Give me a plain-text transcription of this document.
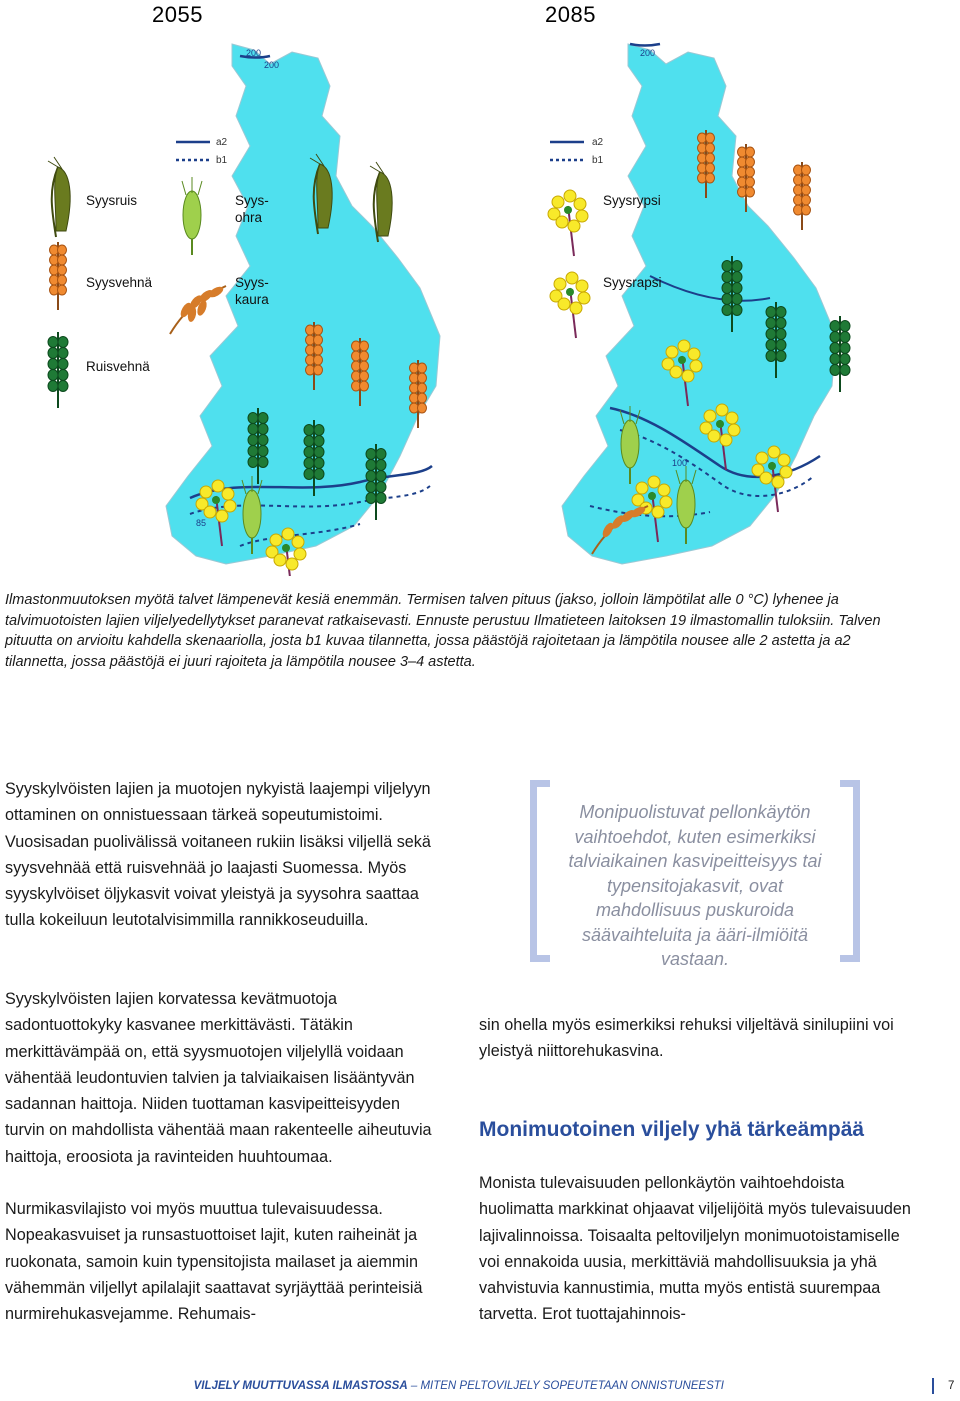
2055	2085
200
200
85
a2
b1
Syysruis	Syys-
ohra
Syysvehnä	Syys-
kaura
Ruisvehnä
200
100
a2
b1
Syysrypsi
Syysrapsi
Ilmastonmuutoksen myötä talvet lämpenevät kesiä enemmän. Termisen talven pituus (jakso, jolloin lämpötilat alle 0 °C) lyhenee ja talvimuotoisten lajien viljelyedellytykset paranevat ratkaisevasti. Ennuste perustuu Ilmatieteen laitoksen 19 ilmastomallin tuloksiin. Talven pituutta on arvioitu kahdella skenaariolla, josta b1 kuvaa tilannetta, jossa päästöjä rajoitetaan ja lämpötila nousee alle 2 astetta ja a2 tilannetta, jossa päästöjä ei juuri rajoiteta ja lämpötila nousee 3–4 astetta.
Syyskylvöisten lajien ja muotojen nykyistä laajempi viljelyyn ottaminen on onnistuessaan tärkeä sopeutumistoimi. Vuosisadan puolivälissä voitaneen rukiin lisäksi viljellä sekä syysvehnää että ruisvehnää jo laajasti Suomessa. Myös syyskylvöiset öljykasvit voivat yleistyä ja syysohra saattaa tulla kokeiluun leutotalvisimmilla rannikkoseuduilla.
Syyskylvöisten lajien korvatessa kevätmuotoja sadontuottokyky kasvanee merkittävästi. Tätäkin merkittävämpää on, että syysmuotojen viljelyllä voidaan vähentää leudontuvien talvien ja talviaikaisen lisääntyvän sadannan haittoja. Niiden tuottaman kasvipeitteisyyden turvin on mahdollista vähentää maan rakenteelle aiheutuvia haittoja, eroosiota ja ravinteiden huuhtoumaa.
Nurmikasvilajisto voi myös muuttua tulevaisuudessa. Nopeakasvuiset ja runsastuottoiset lajit, kuten raiheinät ja ruokonata, samoin kuin typensitojista mailaset ja aiemmin vähemmän viljellyt apilalajit saattavat syrjäyttää perinteisiä nurmirehukasvejamme. Rehumais-
Monipuolistuvat pellonkäytön vaihtoehdot, kuten esimerkiksi talviaikainen kasvipeitteisyys tai typensitojakasvit, ovat mahdollisuus puskuroida säävaihteluita ja ääri-ilmiöitä vastaan.
sin ohella myös esimerkiksi rehuksi viljeltävä sinilupiini voi yleistyä niittorehukasvina.
Monimuotoinen viljely yhä tärkeämpää
Monista tulevaisuuden pellonkäytön vaihtoehdoista huolimatta markkinat ohjaavat viljelijöitä myös tulevaisuuden lajivalinnoissa. Toisaalta peltoviljelyn monimuotoistamiselle voi ennakoida uusia, merkittäviä mahdollisuuksia ja yhä vahvistuvia kannustimia, mutta myös entistä suurempaa tarvetta. Erot tuottajahinnois-
VILJELY MUUTTUVASSA ILMASTOSSA – MITEN PELTOVILJELY SOPEUTETAAN ONNISTUNEESTI	7
